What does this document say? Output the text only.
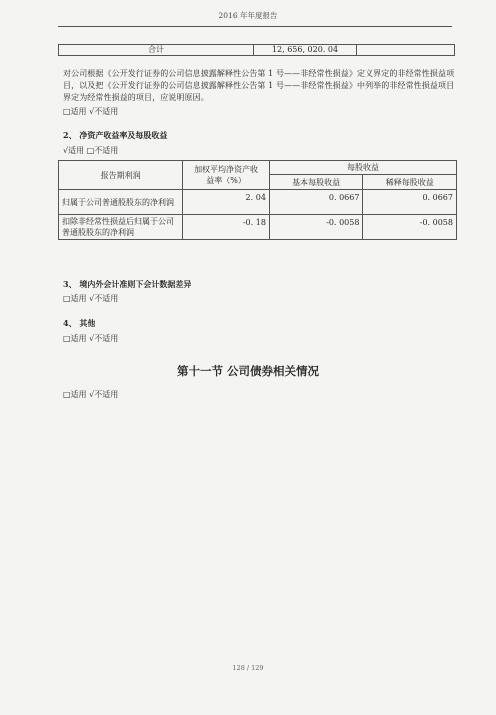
2016 年年度报告
合计	12, 656, 020. 04	
对公司根据《公开发行证券的公司信息披露解释性公告第 1 号——非经常性损益》定义界定的非经常性损益项目，以及把《公开发行证券的公司信息披露解释性公告第 1 号——非经常性损益》中列举的非经常性损益项目界定为经常性损益的项目，应说明原因。
□适用 √不适用
2、 净资产收益率及每股收益
√适用 □不适用
报告期利润	加权平均净资产收益率（%）	每股收益	
		基本每股收益	稀释每股收益
归属于公司普通股股东的净利润	2. 04	0. 0667	0. 0667
扣除非经常性损益后归属于公司普通股股东的净利润	-0. 18	-0. 0058	-0. 0058
3、 境内外会计准则下会计数据差异
□适用 √不适用
4、 其他
□适用 √不适用
第十一节 公司债券相关情况
□适用 √不适用
128 / 129
